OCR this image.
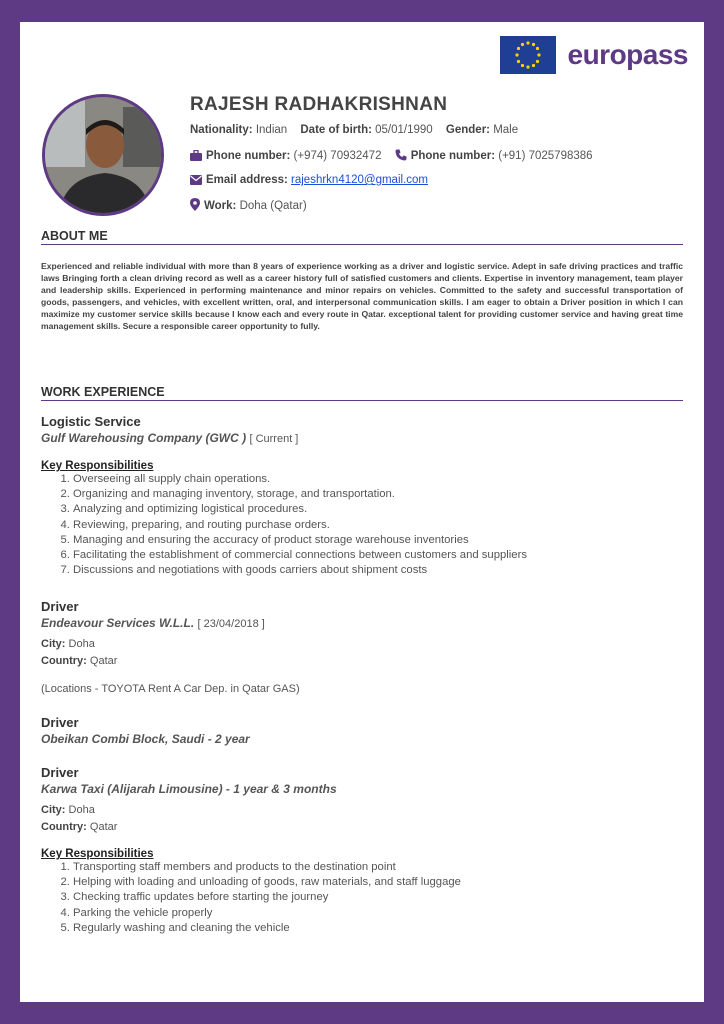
europass
RAJESH RADHAKRISHNAN
Nationality: Indian Date of birth: 05/01/1990 Gender: Male
Phone number: (+974) 70932472	Phone number: (+91) 7025798386
Email address: rajeshrkn4120@gmail.com
Work: Doha (Qatar)
ABOUT ME
Experienced and reliable individual with more than 8 years of experience working as a driver and logistic service. Adept in safe driving practices and traffic laws Bringing forth a clean driving record as well as a career history full of satisfied customers and clients. Expertise in inventory management, team player and leadership skills. Experienced in performing maintenance and minor repairs on vehicles. Committed to the safety and successful transportation of goods, passengers, and vehicles, with excellent written, oral, and interpersonal communication skills. I am eager to obtain a Driver position in which I can maximize my customer service skills because I know each and every route in Qatar. exceptional talent for providing customer service and having great time management skills. Secure a responsible career opportunity to fully.
WORK EXPERIENCE
Logistic Service
Gulf Warehousing Company (GWC ) [ Current ]
Key Responsibilities
1. Overseeing all supply chain operations.
2. Organizing and managing inventory, storage, and transportation.
3. Analyzing and optimizing logistical procedures.
4. Reviewing, preparing, and routing purchase orders.
5. Managing and ensuring the accuracy of product storage warehouse inventories
6. Facilitating the establishment of commercial connections between customers and suppliers
7. Discussions and negotiations with goods carriers about shipment costs
Driver
Endeavour Services W.L.L. [ 23/04/2018 ]
City: Doha
Country: Qatar
(Locations - TOYOTA Rent A Car Dep. in Qatar GAS)
Driver
Obeikan Combi Block, Saudi - 2 year
Driver
Karwa Taxi (Alijarah Limousine) - 1 year & 3 months
City: Doha
Country: Qatar
Key Responsibilities
1. Transporting staff members and products to the destination point
2. Helping with loading and unloading of goods, raw materials, and staff luggage
3. Checking traffic updates before starting the journey
4. Parking the vehicle properly
5. Regularly washing and cleaning the vehicle
